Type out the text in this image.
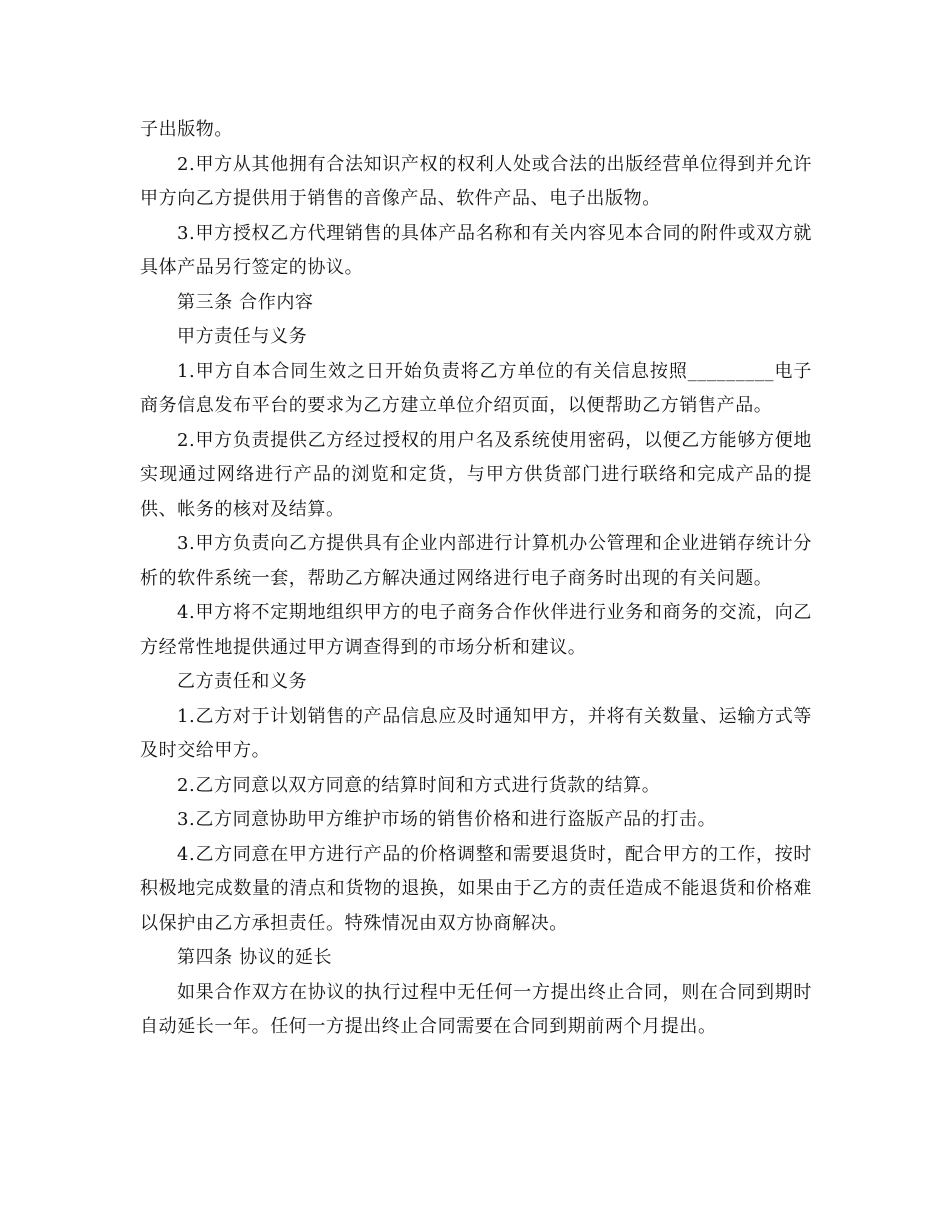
子出版物。

2.甲方从其他拥有合法知识产权的权利人处或合法的出版经营单位得到并允许甲方向乙方提供用于销售的音像产品、软件产品、电子出版物。

3.甲方授权乙方代理销售的具体产品名称和有关内容见本合同的附件或双方就具体产品另行签定的协议。

第三条 合作内容

甲方责任与义务

1.甲方自本合同生效之日开始负责将乙方单位的有关信息按照_________电子商务信息发布平台的要求为乙方建立单位介绍页面，以便帮助乙方销售产品。

2.甲方负责提供乙方经过授权的用户名及系统使用密码，以便乙方能够方便地实现通过网络进行产品的浏览和定货，与甲方供货部门进行联络和完成产品的提供、帐务的核对及结算。

3.甲方负责向乙方提供具有企业内部进行计算机办公管理和企业进销存统计分析的软件系统一套，帮助乙方解决通过网络进行电子商务时出现的有关问题。

4.甲方将不定期地组织甲方的电子商务合作伙伴进行业务和商务的交流，向乙方经常性地提供通过甲方调查得到的市场分析和建议。

乙方责任和义务

1.乙方对于计划销售的产品信息应及时通知甲方，并将有关数量、运输方式等及时交给甲方。

2.乙方同意以双方同意的结算时间和方式进行货款的结算。

3.乙方同意协助甲方维护市场的销售价格和进行盗版产品的打击。

4.乙方同意在甲方进行产品的价格调整和需要退货时，配合甲方的工作，按时积极地完成数量的清点和货物的退换，如果由于乙方的责任造成不能退货和价格难以保护由乙方承担责任。特殊情况由双方协商解决。

第四条 协议的延长

如果合作双方在协议的执行过程中无任何一方提出终止合同，则在合同到期时自动延长一年。任何一方提出终止合同需要在合同到期前两个月提出。
